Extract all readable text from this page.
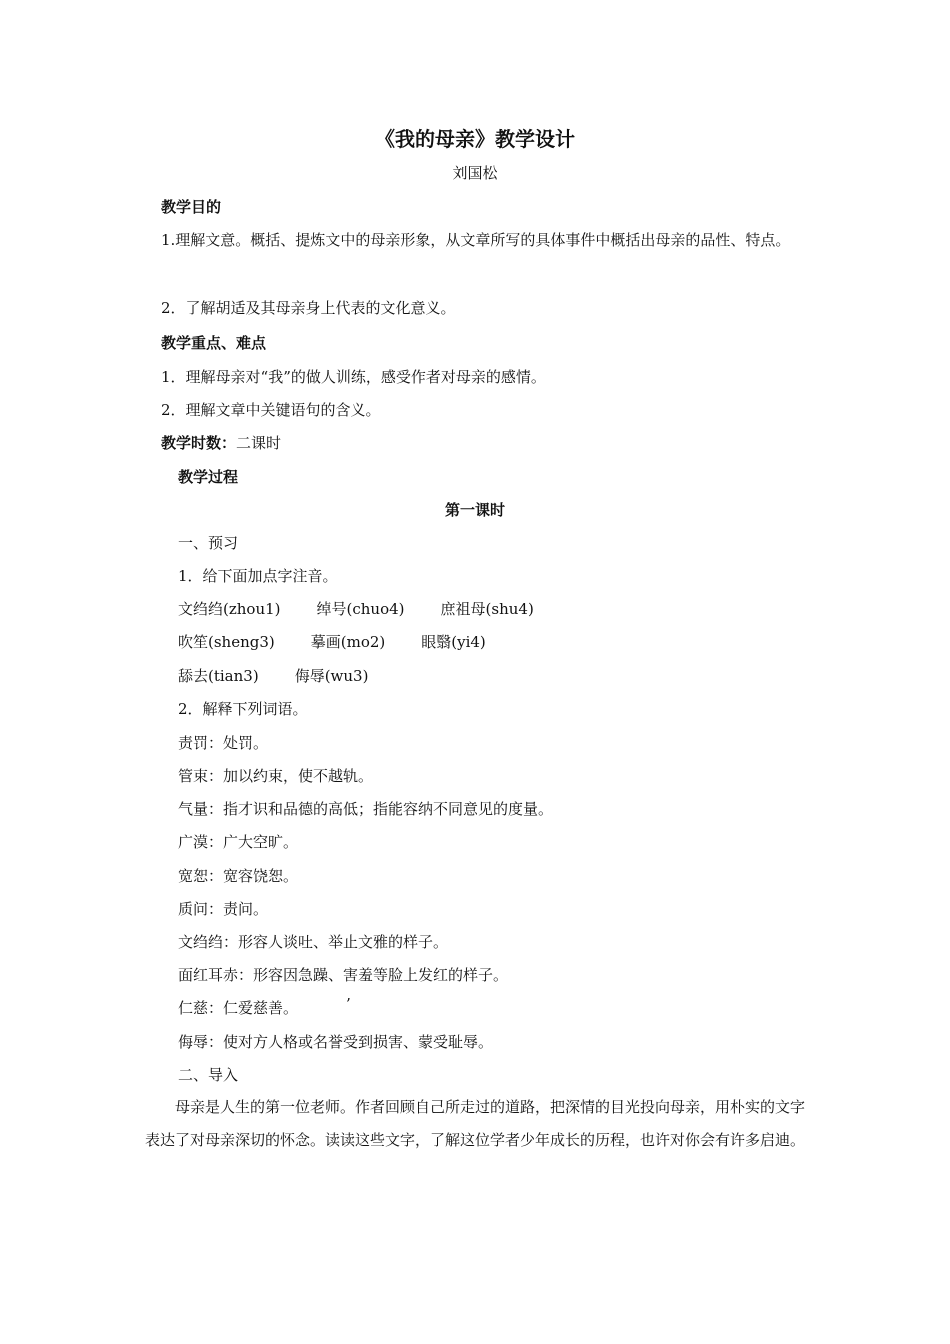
《我的母亲》教学设计
刘国松
教学目的
1.理解文意。概括、提炼文中的母亲形象，从文章所写的具体事件中概括出母亲的品性、特点。
2．了解胡适及其母亲身上代表的文化意义。
教学重点、难点
1．理解母亲对“我”的做人训练，感受作者对母亲的感情。
2．理解文章中关键语句的含义。
教学时数：二课时
教学过程
第一课时
一、预习
1．给下面加点字注音。
文绉绉(zhou1) 绰号(chuo4) 庶祖母(shu4)
吹笙(sheng3) 摹画(mo2) 眼翳(yi4)
舔去(tian3) 侮辱(wu3)
2．解释下列词语。
责罚：处罚。
管束：加以约束，使不越轨。
气量：指才识和品德的高低；指能容纳不同意见的度量。
广漠：广大空旷。
宽恕：宽容饶恕。
质问：责问。
文绉绉：形容人谈吐、举止文雅的样子。
面红耳赤：形容因急躁、害羞等脸上发红的样子。
仁慈：仁爱慈善。	’
侮辱：使对方人格或名誉受到损害、蒙受耻辱。
二、导入
母亲是人生的第一位老师。作者回顾自己所走过的道路，把深情的目光投向母亲，用朴实的文字表达了对母亲深切的怀念。读读这些文字，了解这位学者少年成长的历程，也许对你会有许多启迪。
